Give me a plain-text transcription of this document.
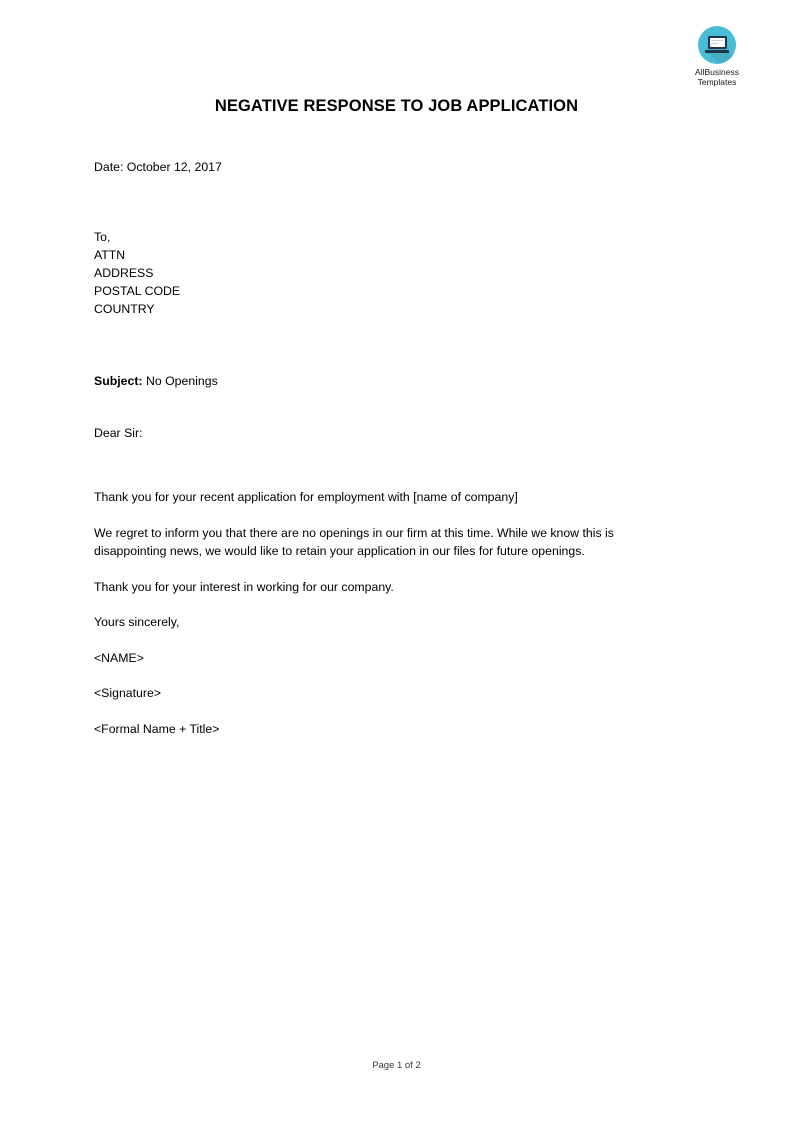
AllBusiness
Templates
NEGATIVE RESPONSE TO JOB APPLICATION
Date: October 12, 2017
To,
ATTN
ADDRESS
POSTAL CODE
COUNTRY
Subject: No Openings
Dear Sir:
Thank you for your recent application for employment with [name of company]
We regret to inform you that there are no openings in our firm at this time. While we know this is disappointing news, we would like to retain your application in our files for future openings.
Thank you for your interest in working for our company.
Yours sincerely,
<NAME>
<Signature>
<Formal Name + Title>
Page 1 of 2
